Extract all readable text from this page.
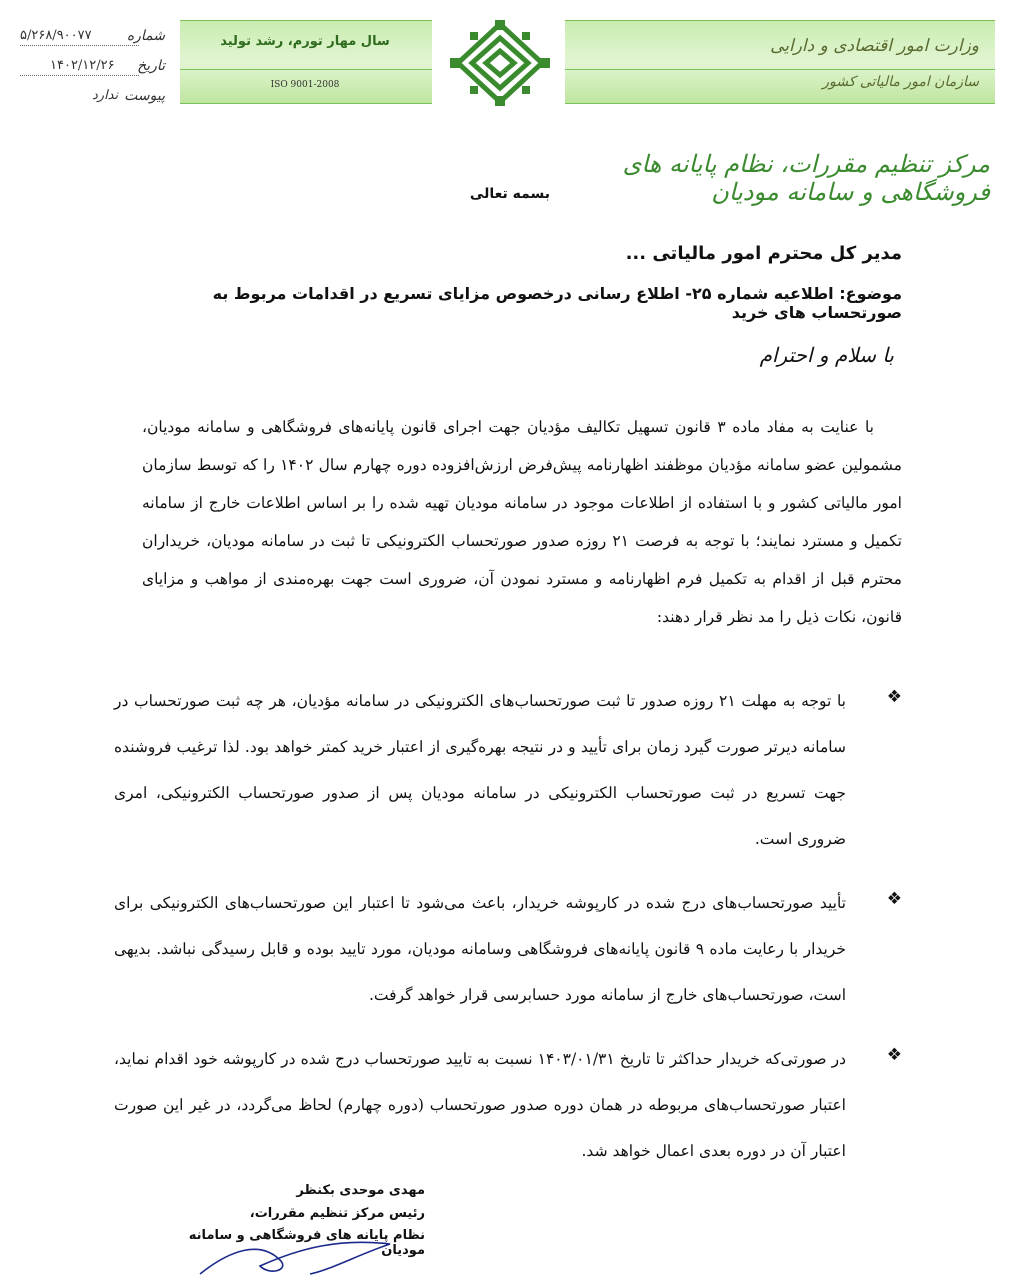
وزارت امور اقتصادی و دارایی
سازمان امور مالیاتی کشور
سال مهار تورم، رشد تولید
ISO 9001-2008
شماره
۵/۲۶۸/۹۰۰۷۷
تاریخ
۱۴۰۲/۱۲/۲۶
پیوست
ندارد
مرکز تنظیم مقررات، نظام پایانه های فروشگاهی و سامانه مودیان
بسمه تعالی
مدیر کل محترم امور مالیاتی ...
موضوع: اطلاعیه شماره ۲۵- اطلاع رسانی درخصوص مزایای تسریع در اقدامات مربوط به صورتحساب های خرید
با سلام و احترام
با عنایت به مفاد ماده ۳ قانون تسهیل تکالیف مؤدیان جهت اجرای قانون پایانه‌های فروشگاهی و سامانه مودیان، مشمولین عضو سامانه مؤدیان موظفند اظهارنامه پیش‌فرض ارزش‌افزوده دوره چهارم سال ۱۴۰۲ را که توسط سازمان امور مالیاتی کشور و با استفاده از اطلاعات موجود در سامانه مودیان تهیه شده را بر اساس اطلاعات خارج از سامانه تکمیل و مسترد نمایند؛ با توجه به فرصت ۲۱ روزه صدور صورتحساب الکترونیکی تا ثبت در سامانه مودیان، خریداران محترم قبل از اقدام به تکمیل فرم اظهارنامه و مسترد نمودن آن، ضروری است جهت بهره‌مندی از مواهب و مزایای قانون، نکات ذیل را مد نظر قرار دهند:
❖
با توجه به مهلت ۲۱ روزه صدور تا ثبت صورتحساب‌های الکترونیکی در سامانه مؤدیان، هر چه ثبت صورتحساب در سامانه دیرتر صورت گیرد زمان برای تأیید و در نتیجه بهره‌گیری از اعتبار خرید کمتر خواهد بود. لذا ترغیب فروشنده جهت تسریع در ثبت صورتحساب الکترونیکی در سامانه مودیان پس از صدور صورتحساب الکترونیکی، امری ضروری است.
❖
تأیید صورتحساب‌های درج شده در کارپوشه خریدار، باعث می‌شود تا اعتبار این صورتحساب‌های الکترونیکی برای خریدار با رعایت ماده ۹ قانون پایانه‌های فروشگاهی وسامانه مودیان، مورد تایید بوده و قابل رسیدگی نباشد. بدیهی است، صورتحساب‌های خارج از سامانه مورد حسابرسی قرار خواهد گرفت.
❖
در صورتی‌که خریدار حداکثر تا تاریخ ۱۴۰۳/۰۱/۳۱ نسبت به تایید صورتحساب درج شده در کارپوشه خود اقدام نماید، اعتبار صورتحساب‌های مربوطه در همان دوره صدور صورتحساب (دوره چهارم) لحاظ می‌گردد، در غیر این صورت اعتبار آن در دوره بعدی اعمال خواهد شد.
مهدی موحدی بکنظر
رئیس مرکز تنظیم مقررات،
نظام پایانه های فروشگاهی و سامانه مودیان
